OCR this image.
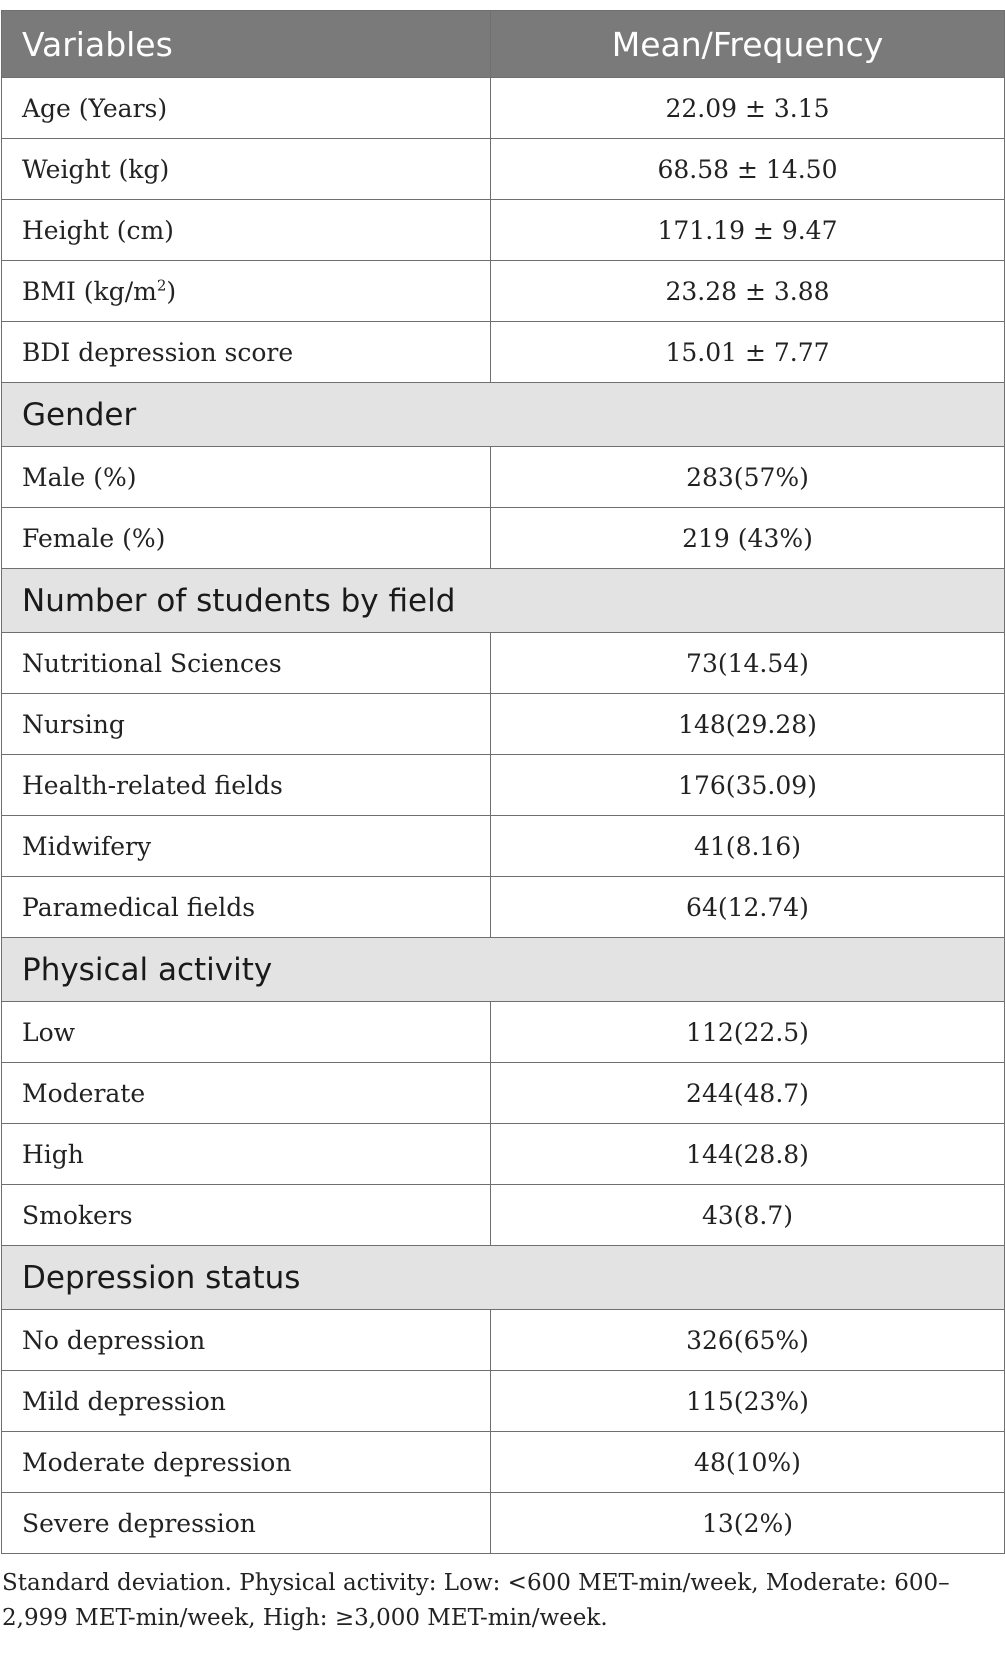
Variables	Mean/Frequency
Age (Years)	22.09 ± 3.15
Weight (kg)	68.58 ± 14.50
Height (cm)	171.19 ± 9.47
BMI $(kg/m^2)$	23.28 ± 3.88
BDI depression score	15.01 ± 7.77
Gender	
Male (%)	283(57%)
Female (%)	219 (43%)
Number of students by field	
Nutritional Sciences	73(14.54)
Nursing	148(29.28)
Health-related fields	176(35.09)
Midwifery	41(8.16)
Paramedical fields	64(12.74)
Physical activity	
Low	112(22.5)
Moderate	244(48.7)
High	144(28.8)
Smokers	43(8.7)
Depression status	
No depression	326(65%)
Mild depression	115(23%)
Moderate depression	48(10%)
Severe depression	13(2%)
Standard deviation. Physical activity: Low: <600 MET-min/week, Moderate: 600–2,999 MET-min/week, High: ≥3,000 MET-min/week.
